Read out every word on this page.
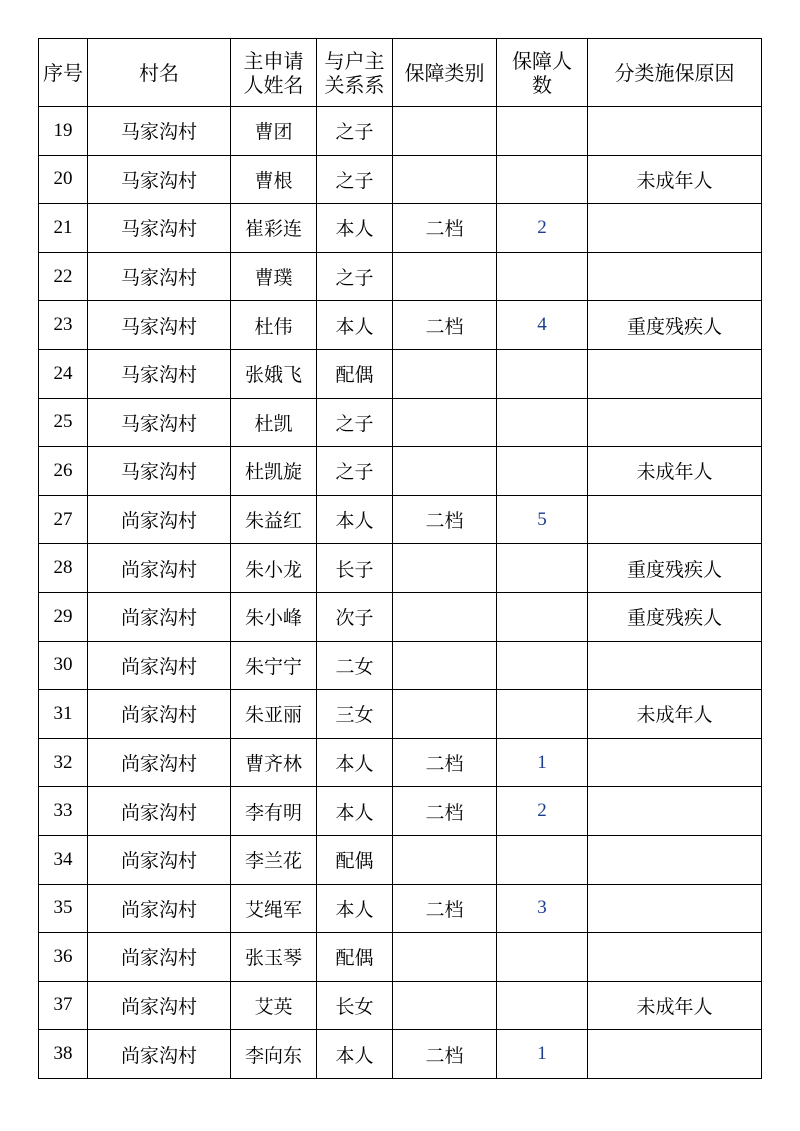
序号	村名	主申请人姓名	与户主关系系	保障类别	保障人数	分类施保原因
19	马家沟村	曹团	之子			
20	马家沟村	曹根	之子			未成年人
21	马家沟村	崔彩连	本人	二档	2	
22	马家沟村	曹璞	之子			
23	马家沟村	杜伟	本人	二档	4	重度残疾人
24	马家沟村	张娥飞	配偶			
25	马家沟村	杜凯	之子			
26	马家沟村	杜凯旋	之子			未成年人
27	尚家沟村	朱益红	本人	二档	5	
28	尚家沟村	朱小龙	长子			重度残疾人
29	尚家沟村	朱小峰	次子			重度残疾人
30	尚家沟村	朱宁宁	二女			
31	尚家沟村	朱亚丽	三女			未成年人
32	尚家沟村	曹齐林	本人	二档	1	
33	尚家沟村	李有明	本人	二档	2	
34	尚家沟村	李兰花	配偶			
35	尚家沟村	艾绳军	本人	二档	3	
36	尚家沟村	张玉琴	配偶			
37	尚家沟村	艾英	长女			未成年人
38	尚家沟村	李向东	本人	二档	1	
